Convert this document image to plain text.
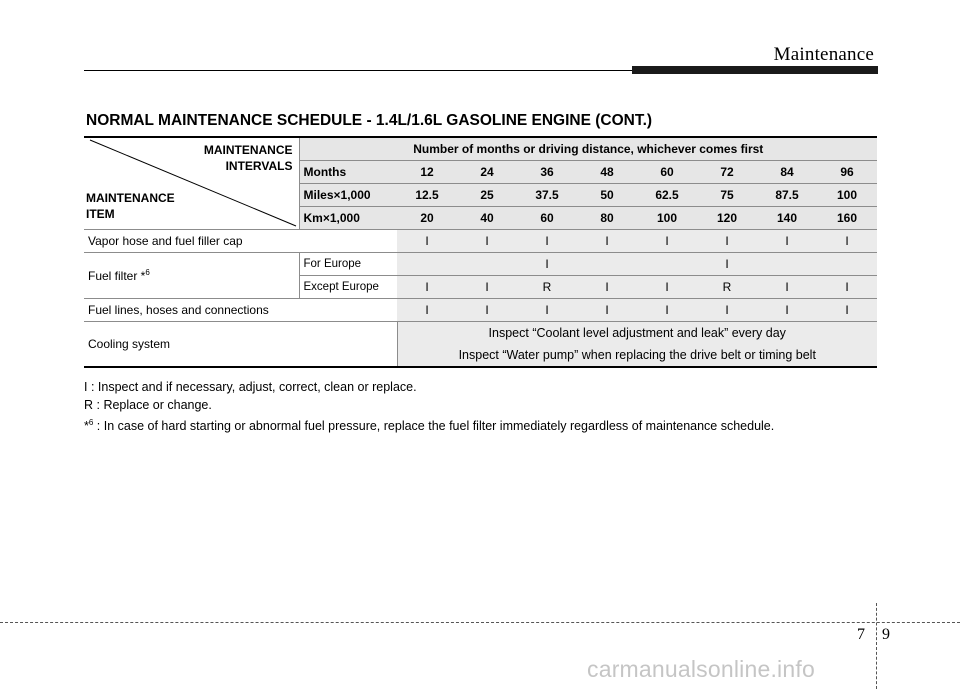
Maintenance
NORMAL MAINTENANCE SCHEDULE - 1.4L/1.6L GASOLINE ENGINE (CONT.)
MAINTENANCE
INTERVALS
MAINTENANCE
ITEM	Number of months or driving distance, whichever comes first								
	Months	12	24	36	48	60	72	84	96
	Miles×1,000	12.5	25	37.5	50	62.5	75	87.5	100
	Km×1,000	20	40	60	80	100	120	140	160
Vapor hose and fuel filler cap		I	I	I	I	I	I	I	I
Fuel filter *$^6$	For Europe			I			I		
	Except Europe	I	I	R	I	I	R	I	I
Fuel lines, hoses and connections		I	I	I	I	I	I	I	I
Cooling system		Inspect “Coolant level adjustment and leak” every day
Inspect “Water pump” when replacing the drive belt or timing belt							
I : Inspect and if necessary, adjust, correct, clean or replace.
R : Replace or change.
*$^6$ : In case of hard starting or abnormal fuel pressure, replace the fuel filter immediately regardless of maintenance schedule.
7 9
carmanualsonline.info
